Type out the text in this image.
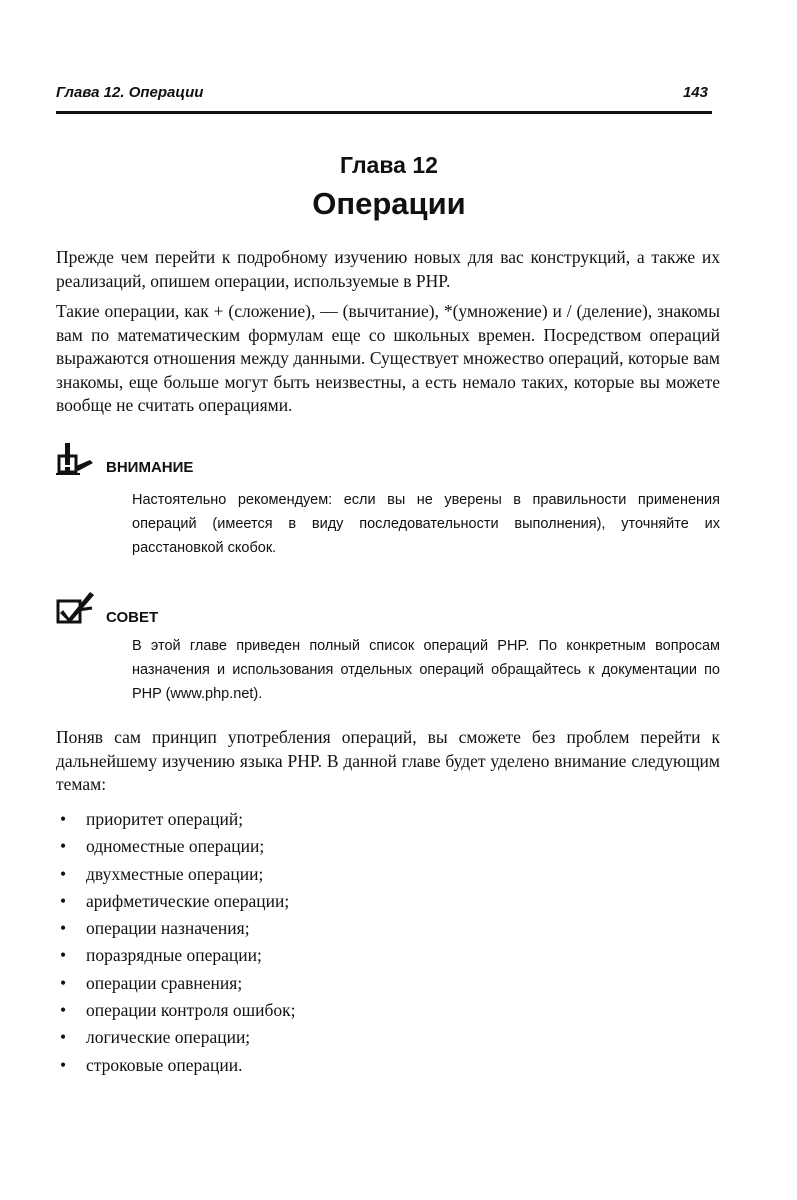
Глава 12. Операции	143
Глава 12
Операции

Прежде чем перейти к подробному изучению новых для вас конструкций, а также их реализаций, опишем операции, используемые в PHP.

Такие операции, как + (сложение), — (вычитание), *(умножение) и / (деление), знакомы вам по математическим формулам еще со школьных времен. Посредством операций выражаются отношения между данными. Существует множество операций, которые вам знакомы, еще больше могут быть неизвестны, а есть немало таких, которые вы можете вообще не считать операциями.

ВНИМАНИЕ

Настоятельно рекомендуем: если вы не уверены в правильности применения операций (имеется в виду последовательности выполнения), уточняйте их расстановкой скобок.

СОВЕТ

В этой главе приведен полный список операций PHP. По конкретным вопросам назначения и использования отдельных операций обращайтесь к документации по PHP (www.php.net).

Поняв сам принцип употребления операций, вы сможете без проблем перейти к дальнейшему изучению языка PHP. В данной главе будет уделено внимание следующим темам:

• приоритет операций;
• одноместные операции;
• двухместные операции;
• арифметические операции;
• операции назначения;
• поразрядные операции;
• операции сравнения;
• операции контроля ошибок;
• логические операции;
• строковые операции.
